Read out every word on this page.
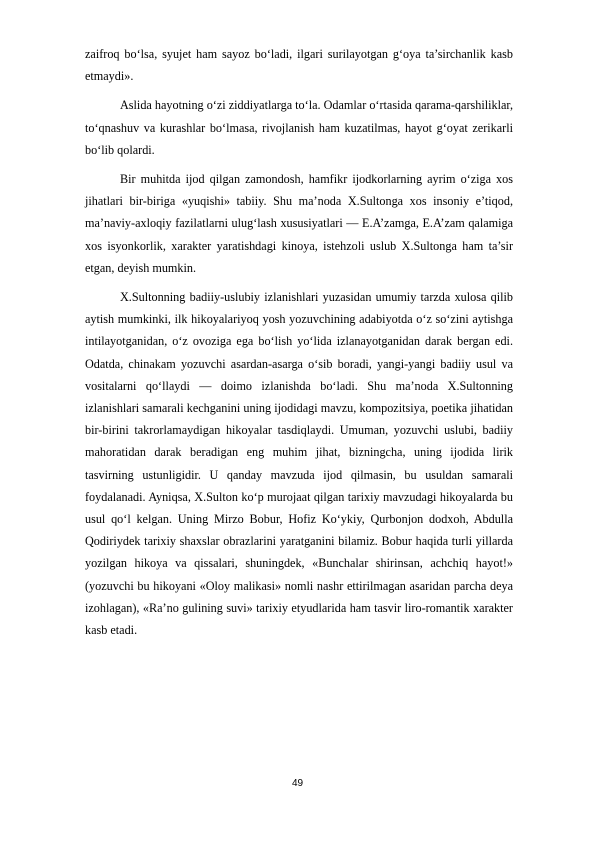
zaifroq bo‘lsa, syujet ham sayoz bo‘ladi, ilgari surilayotgan g‘oya ta’sirchanlik kasb etmaydi».

Aslida hayotning o‘zi ziddiyatlarga to‘la. Odamlar o‘rtasida qarama-qarshiliklar, to‘qnashuv va kurashlar bo‘lmasa, rivojlanish ham kuzatilmas, hayot g‘oyat zerikarli bo‘lib qolardi.

Bir muhitda ijod qilgan zamondosh, hamfikr ijodkorlarning ayrim o‘ziga xos jihatlari bir-biriga «yuqishi» tabiiy. Shu ma’noda X.Sultonga xos insoniy e’tiqod, ma’naviy-axloqiy fazilatlarni ulug‘lash xususiyatlari — E.A’zamga, E.A’zam qalamiga xos isyonkorlik, xarakter yaratishdagi kinoya, istehzoli uslub X.Sultonga ham ta’sir etgan, deyish mumkin.

X.Sultonning badiiy-uslubiy izlanishlari yuzasidan umumiy tarzda xulosa qilib aytish mumkinki, ilk hikoyalariyoq yosh yozuvchining adabiyotda o‘z so‘zini aytishga intilayotganidan, o‘z ovoziga ega bo‘lish yo‘lida izlanayotganidan darak bergan edi. Odatda, chinakam yozuvchi asardan-asarga o‘sib boradi, yangi-yangi badiiy usul va vositalarni qo‘llaydi — doimo izlanishda bo‘ladi. Shu ma’noda X.Sultonning izlanishlari samarali kechganini uning ijodidagi mavzu, kompozitsiya, poetika jihatidan bir-birini takrorlamaydigan hikoyalar tasdiqlaydi. Umuman, yozuvchi uslubi, badiiy mahoratidan darak beradigan eng muhim jihat, bizningcha, uning ijodida lirik tasvirning ustunligidir. U qanday mavzuda ijod qilmasin, bu usuldan samarali foydalanadi. Ayniqsa, X.Sulton ko‘p murojaat qilgan tarixiy mavzudagi hikoyalarda bu usul qo‘l kelgan. Uning Mirzo Bobur, Hofiz Ko‘ykiy, Qurbonjon dodxoh, Abdulla Qodiriydek tarixiy shaxslar obrazlarini yaratganini bilamiz. Bobur haqida turli yillarda yozilgan hikoya va qissalari, shuningdek, «Bunchalar shirinsan, achchiq hayot!» (yozuvchi bu hikoyani «Oloy malikasi» nomli nashr ettirilmagan asaridan parcha deya izohlagan), «Ra’no gulining suvi» tarixiy etyudlarida ham tasvir liro-romantik xarakter kasb etadi.

49
